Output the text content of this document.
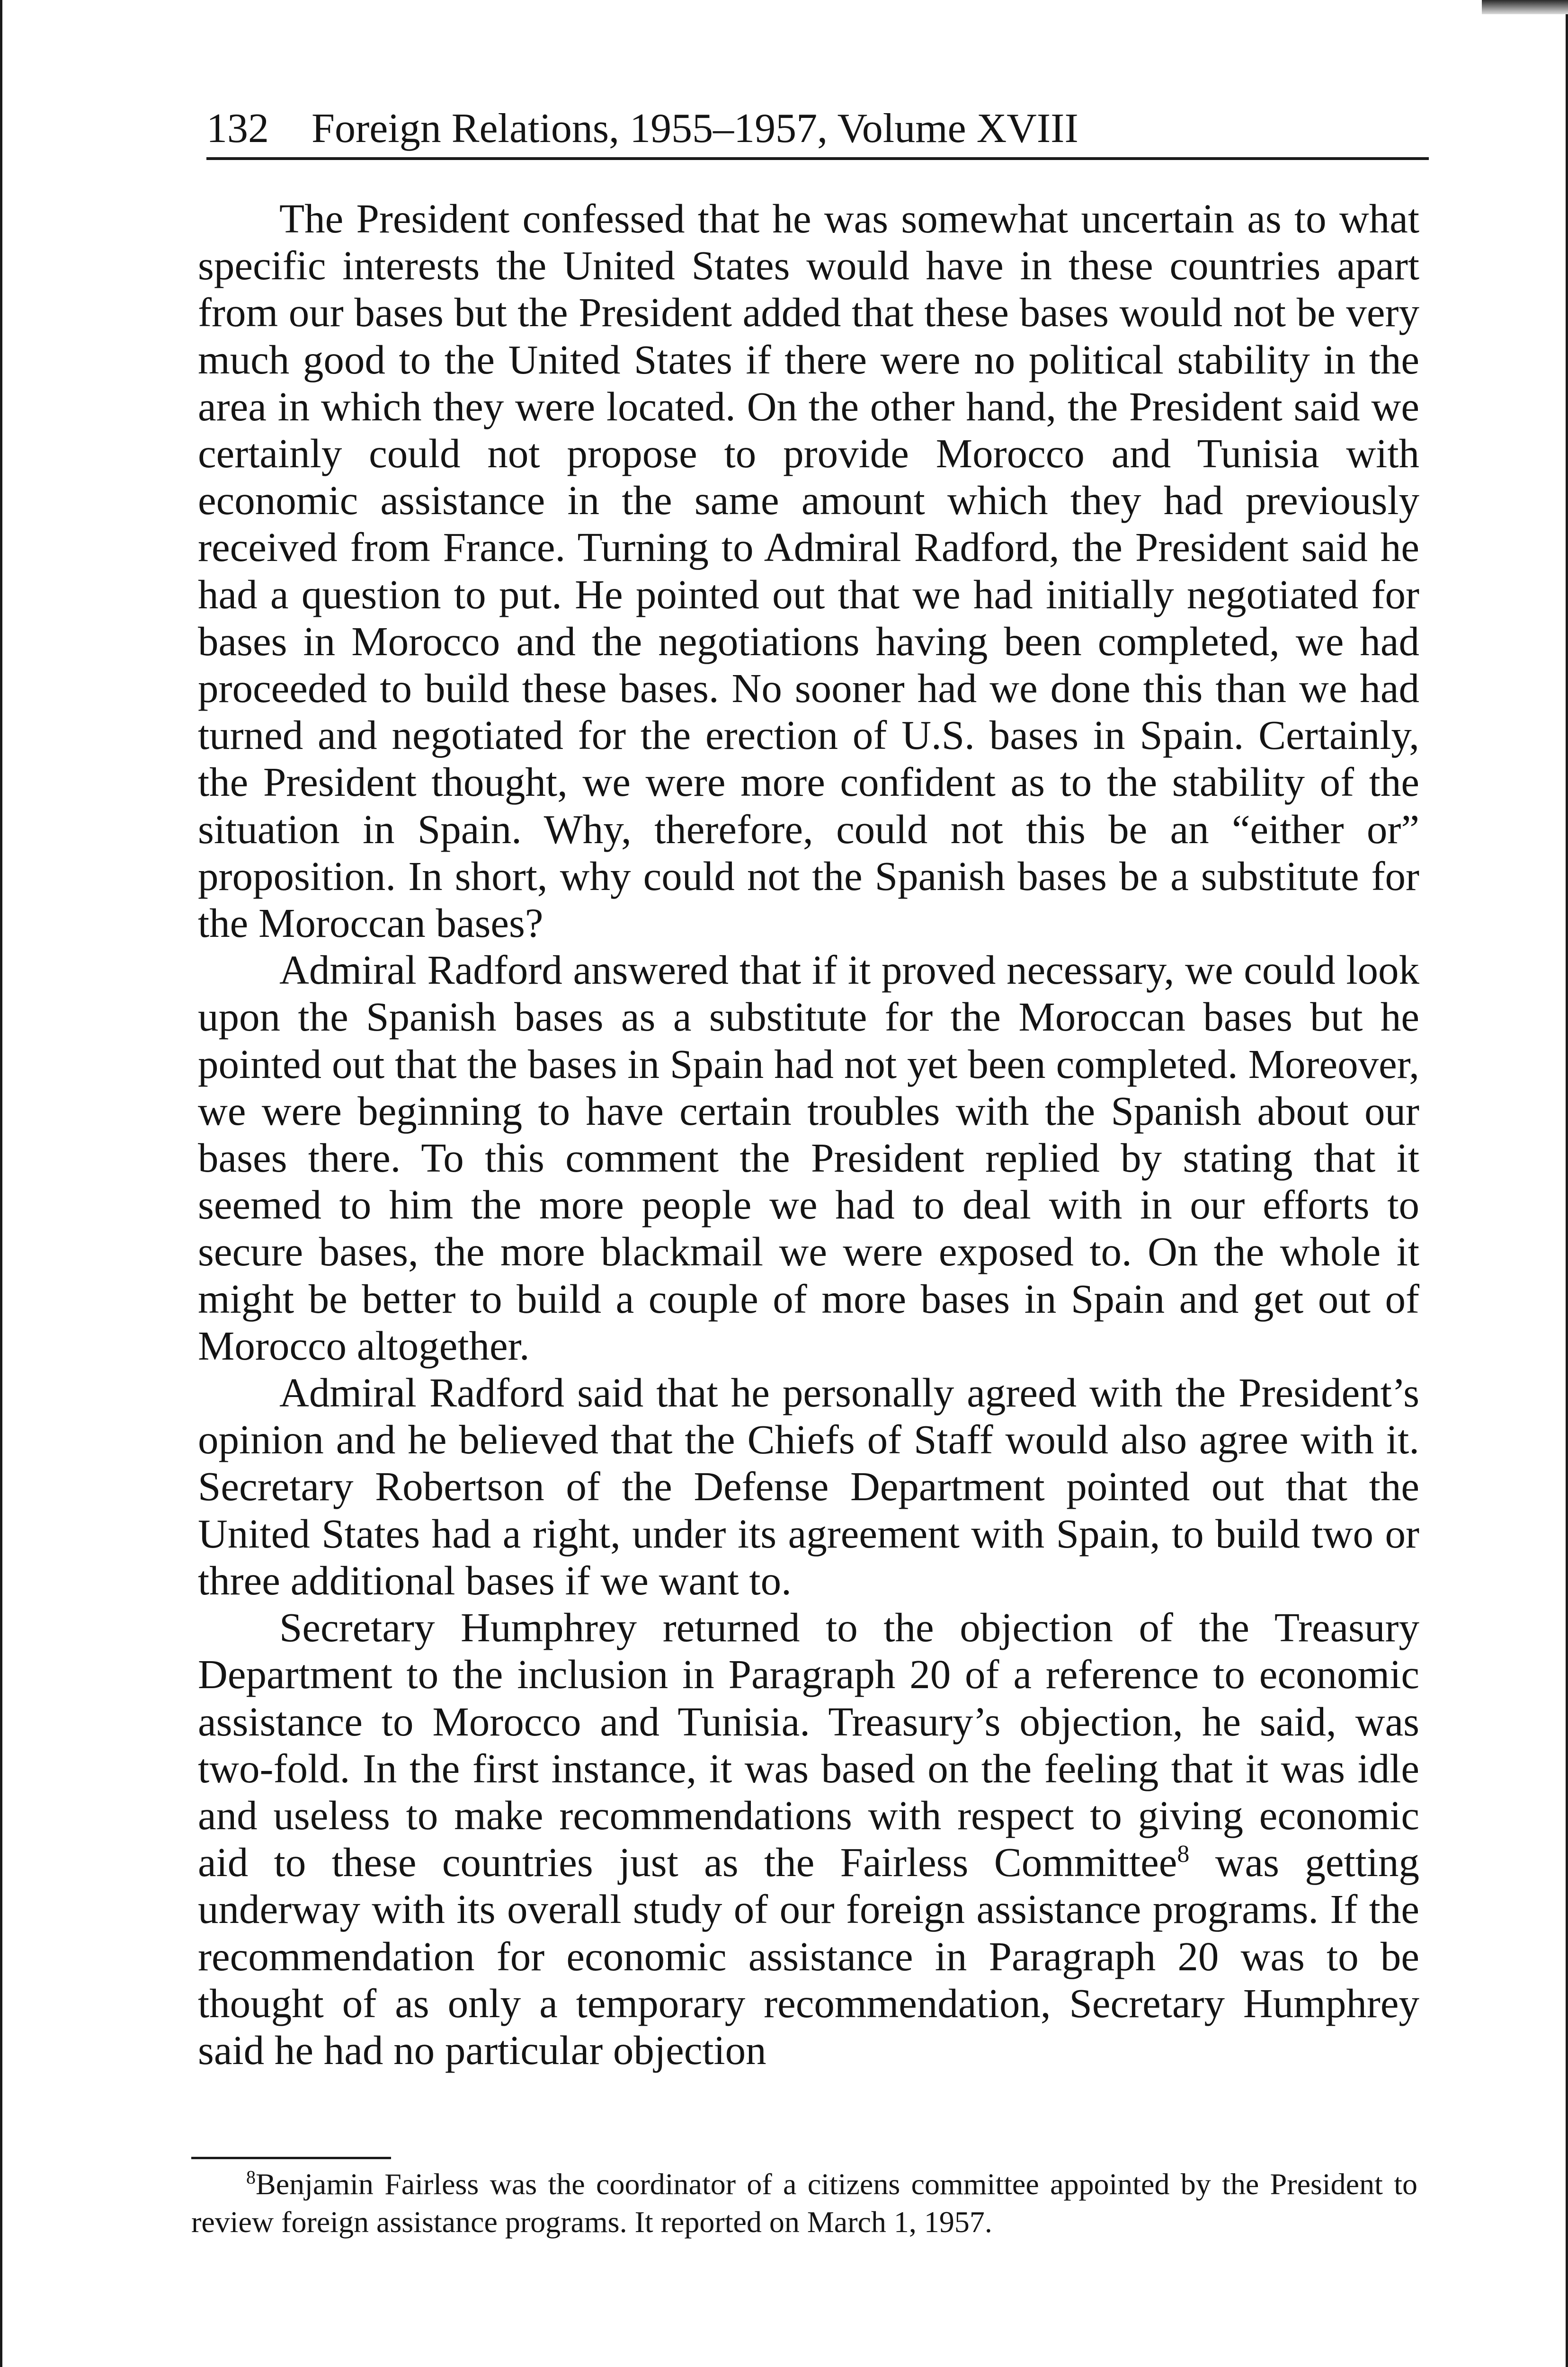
132 Foreign Relations, 1955–1957, Volume XVIII

The President confessed that he was somewhat uncertain as to what specific interests the United States would have in these countries apart from our bases but the President added that these bases would not be very much good to the United States if there were no political stability in the area in which they were located. On the other hand, the President said we certainly could not propose to provide Morocco and Tunisia with economic assistance in the same amount which they had previously received from France. Turning to Admiral Radford, the President said he had a question to put. He pointed out that we had initially negotiated for bases in Morocco and the negotiations having been completed, we had proceeded to build these bases. No sooner had we done this than we had turned and negotiated for the erection of U.S. bases in Spain. Certainly, the President thought, we were more confident as to the stability of the situation in Spain. Why, therefore, could not this be an “either or” proposition. In short, why could not the Spanish bases be a substitute for the Moroccan bases?

Admiral Radford answered that if it proved necessary, we could look upon the Spanish bases as a substitute for the Moroccan bases but he pointed out that the bases in Spain had not yet been completed. Moreover, we were beginning to have certain troubles with the Spanish about our bases there. To this comment the President replied by stating that it seemed to him the more people we had to deal with in our efforts to secure bases, the more blackmail we were exposed to. On the whole it might be better to build a couple of more bases in Spain and get out of Morocco altogether.

Admiral Radford said that he personally agreed with the President’s opinion and he believed that the Chiefs of Staff would also agree with it. Secretary Robertson of the Defense Department pointed out that the United States had a right, under its agreement with Spain, to build two or three additional bases if we want to.

Secretary Humphrey returned to the objection of the Treasury Department to the inclusion in Paragraph 20 of a reference to economic assistance to Morocco and Tunisia. Treasury’s objection, he said, was two-fold. In the first instance, it was based on the feeling that it was idle and useless to make recommendations with respect to giving economic aid to these countries just as the Fairless Committee$^8$ was getting underway with its overall study of our foreign assistance programs. If the recommendation for economic assistance in Paragraph 20 was to be thought of as only a temporary recommendation, Secretary Humphrey said he had no particular objection

$^8$Benjamin Fairless was the coordinator of a citizens committee appointed by the President to review foreign assistance programs. It reported on March 1, 1957.
